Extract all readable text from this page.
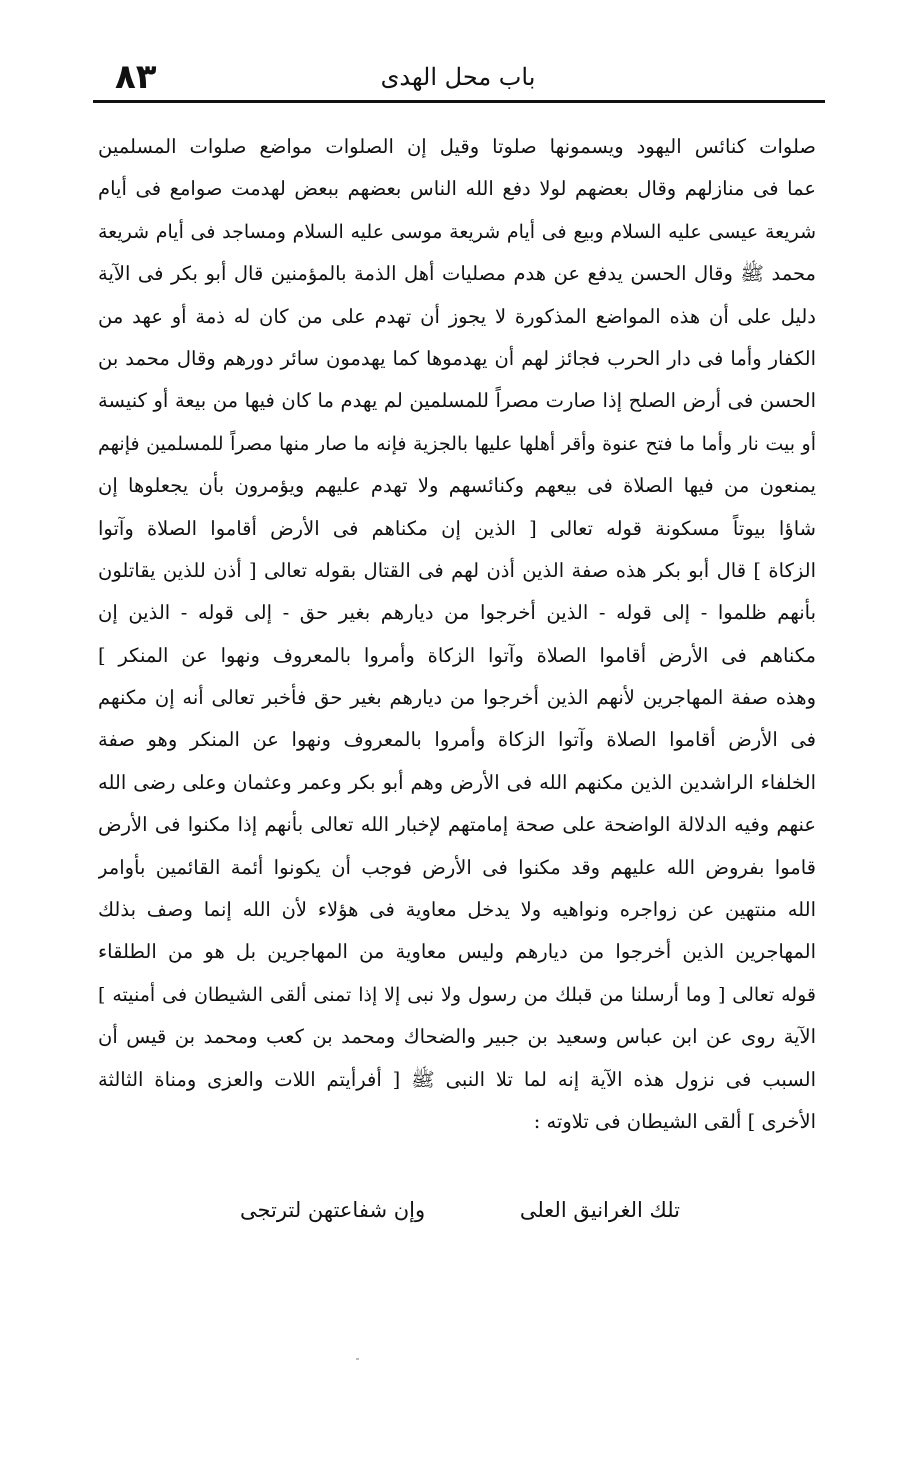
٨٣	باب محل الهدى
صلوات كنائس اليهود ويسمونها صلوتا وقيل إن الصلوات مواضع صلوات المسلمين
عما فى منازلهم وقال بعضهم لولا دفع الله الناس بعضهم ببعض لهدمت صوامع فى أيام
شريعة عيسى عليه السلام وبيع فى أيام شريعة موسى عليه السلام ومساجد فى أيام شريعة
محمد ﷺ وقال الحسن يدفع عن هدم مصليات أهل الذمة بالمؤمنين قال أبو بكر فى الآية
دليل على أن هذه المواضع المذكورة لا يجوز أن تهدم على من كان له ذمة أو عهد من
الكفار وأما فى دار الحرب فجائز لهم أن يهدموها كما يهدمون سائر دورهم وقال محمد بن
الحسن فى أرض الصلح إذا صارت مصراً للمسلمين لم يهدم ما كان فيها من بيعة أو كنيسة
أو بيت نار وأما ما فتح عنوة وأقر أهلها عليها بالجزية فإنه ما صار منها مصراً للمسلمين فإنهم
يمنعون من فيها الصلاة فى بيعهم وكنائسهم ولا تهدم عليهم ويؤمرون بأن يجعلوها إن
شاؤا بيوتاً مسكونة قوله تعالى [ الذين إن مكناهم فى الأرض أقاموا الصلاة وآتوا
الزكاة ] قال أبو بكر هذه صفة الذين أذن لهم فى القتال بقوله تعالى [ أذن للذين يقاتلون
بأنهم ظلموا - إلى قوله - الذين أخرجوا من ديارهم بغير حق - إلى قوله - الذين إن
مكناهم فى الأرض أقاموا الصلاة وآتوا الزكاة وأمروا بالمعروف ونهوا عن المنكر ]
وهذه صفة المهاجرين لأنهم الذين أخرجوا من ديارهم بغير حق فأخبر تعالى أنه إن مكنهم
فى الأرض أقاموا الصلاة وآتوا الزكاة وأمروا بالمعروف ونهوا عن المنكر وهو صفة
الخلفاء الراشدين الذين مكنهم الله فى الأرض وهم أبو بكر وعمر وعثمان وعلى رضى الله
عنهم وفيه الدلالة الواضحة على صحة إمامتهم لإخبار الله تعالى بأنهم إذا مكنوا فى الأرض
قاموا بفروض الله عليهم وقد مكنوا فى الأرض فوجب أن يكونوا أئمة القائمين بأوامر
الله منتهين عن زواجره ونواهيه ولا يدخل معاوية فى هؤلاء لأن الله إنما وصف بذلك
المهاجرين الذين أخرجوا من ديارهم وليس معاوية من المهاجرين بل هو من الطلقاء
قوله تعالى [ وما أرسلنا من قبلك من رسول ولا نبى إلا إذا تمنى ألقى الشيطان فى أمنيته ]
الآية روى عن ابن عباس وسعيد بن جبير والضحاك ومحمد بن كعب ومحمد بن قيس أن
السبب فى نزول هذه الآية إنه لما تلا النبى ﷺ [ أفرأيتم اللات والعزى ومناة الثالثة
الأخرى ] ألقى الشيطان فى تلاوته :
تلك الغرانيق العلى
وإن شفاعتهن لترتجى
